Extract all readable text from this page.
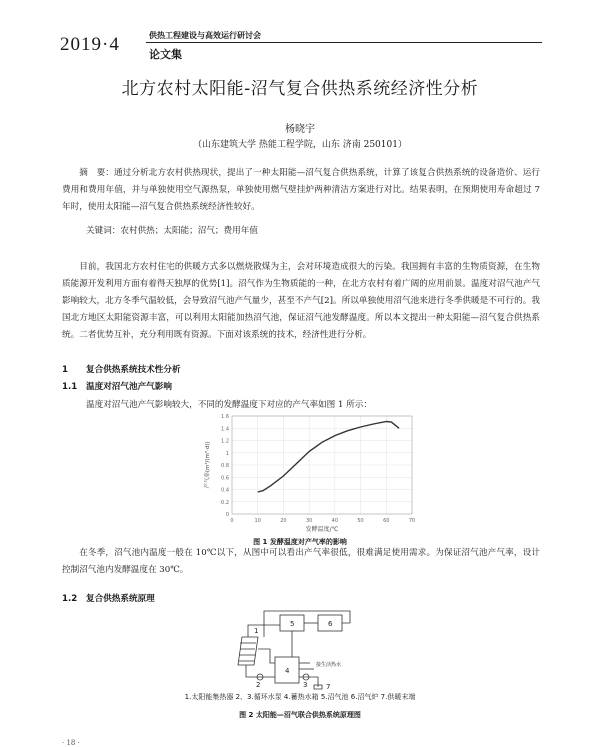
2019·4	供热工程建设与高效运行研讨会
论文集
北方农村太阳能-沼气复合供热系统经济性分析
杨晓宇
（山东建筑大学 热能工程学院，山东 济南 250101）

摘　要：通过分析北方农村供热现状，提出了一种太阳能—沼气复合供热系统，计算了该复合供热系统的设备造价、运行费用和费用年值，并与单独使用空气源热泵，单独使用燃气壁挂炉两种清洁方案进行对比。结果表明，在预期使用寿命超过 7 年时，使用太阳能—沼气复合供热系统经济性较好。

关键词：农村供热；太阳能；沼气；费用年值

目前，我国北方农村住宅的供暖方式多以燃烧散煤为主，会对环境造成很大的污染。我国拥有丰富的生物质资源，在生物质能源开发利用方面有着得天独厚的优势[1]。沼气作为生物质能的一种，在北方农村有着广阔的应用前景。温度对沼气池产气影响较大，北方冬季气温较低，会导致沼气池产气量少，甚至不产气[2]。所以单独使用沼气池来进行冬季供暖是不可行的。我国北方地区太阳能资源丰富，可以利用太阳能加热沼气池，保证沼气池发酵温度。所以本文提出一种太阳能—沼气复合供热系统。二者优势互补，充分利用既有资源。下面对该系统的技术，经济性进行分析。

1 复合供热系统技术性分析
1.1 温度对沼气池产气影响
温度对沼气池产气影响较大，不同的发酵温度下对应的产气率如图 1 所示：
0
0.2
0.4
0.6
0.8
1
1.2
1.4
1.6
0	10	20	30	40	50	60	70
发酵温度/℃
产气率(m³/(m³·d))
图 1 发酵温度对产气率的影响

在冬季，沼气池内温度一般在 10℃以下，从图中可以看出产气率很低，很难满足使用需求。为保证沼气池产气率，设计控制沼气池内发酵温度在 30℃。

1.2 复合供热系统原理
5	6
4
1
2	3	7
接生活热水
1.太阳能集热器 2、3.循环水泵 4.蓄热水箱 5.沼气池 6.沼气炉 7.供暖末端
图 2 太阳能—沼气联合供热系统原理图
· 18 ·
